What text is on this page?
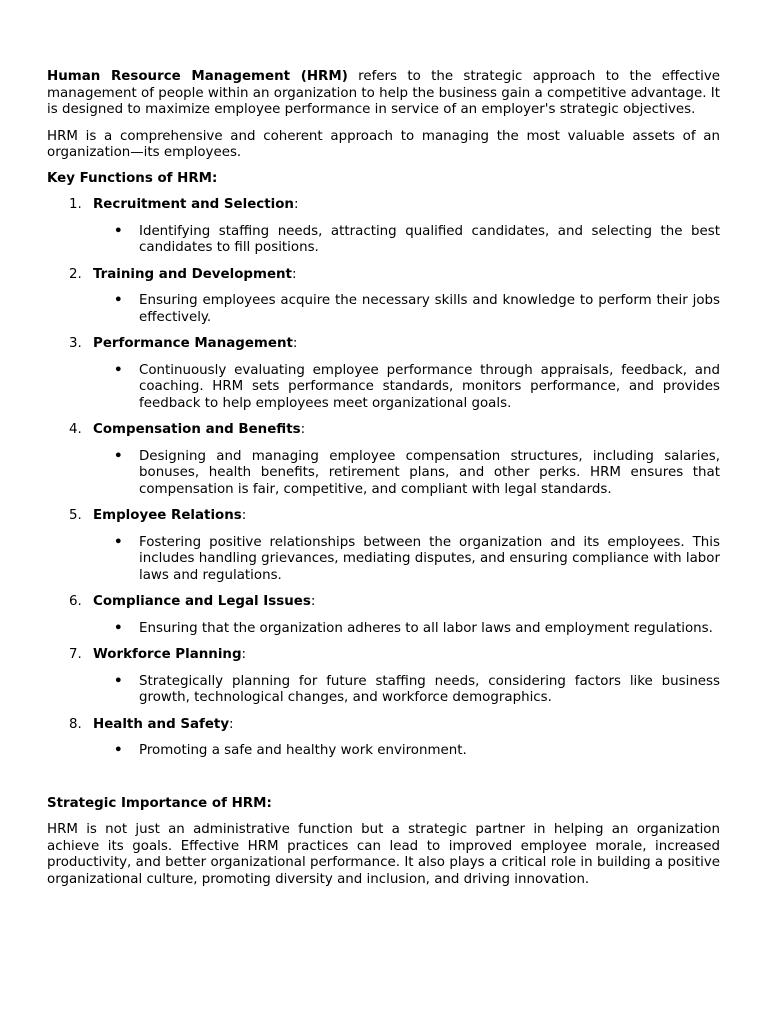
Human Resource Management (HRM) refers to the strategic approach to the effective management of people within an organization to help the business gain a competitive advantage. It is designed to maximize employee performance in service of an employer's strategic objectives.

HRM is a comprehensive and coherent approach to managing the most valuable assets of an organization—its employees.

Key Functions of HRM:
1. Recruitment and Selection:
• Identifying staffing needs, attracting qualified candidates, and selecting the best candidates to fill positions.
2. Training and Development:
• Ensuring employees acquire the necessary skills and knowledge to perform their jobs effectively.
3. Performance Management:
• Continuously evaluating employee performance through appraisals, feedback, and coaching. HRM sets performance standards, monitors performance, and provides feedback to help employees meet organizational goals.
4. Compensation and Benefits:
• Designing and managing employee compensation structures, including salaries, bonuses, health benefits, retirement plans, and other perks. HRM ensures that compensation is fair, competitive, and compliant with legal standards.
5. Employee Relations:
• Fostering positive relationships between the organization and its employees. This includes handling grievances, mediating disputes, and ensuring compliance with labor laws and regulations.
6. Compliance and Legal Issues:
• Ensuring that the organization adheres to all labor laws and employment regulations.
7. Workforce Planning:
• Strategically planning for future staffing needs, considering factors like business growth, technological changes, and workforce demographics.
8. Health and Safety:
• Promoting a safe and healthy work environment.
Strategic Importance of HRM:

HRM is not just an administrative function but a strategic partner in helping an organization achieve its goals. Effective HRM practices can lead to improved employee morale, increased productivity, and better organizational performance. It also plays a critical role in building a positive organizational culture, promoting diversity and inclusion, and driving innovation.
